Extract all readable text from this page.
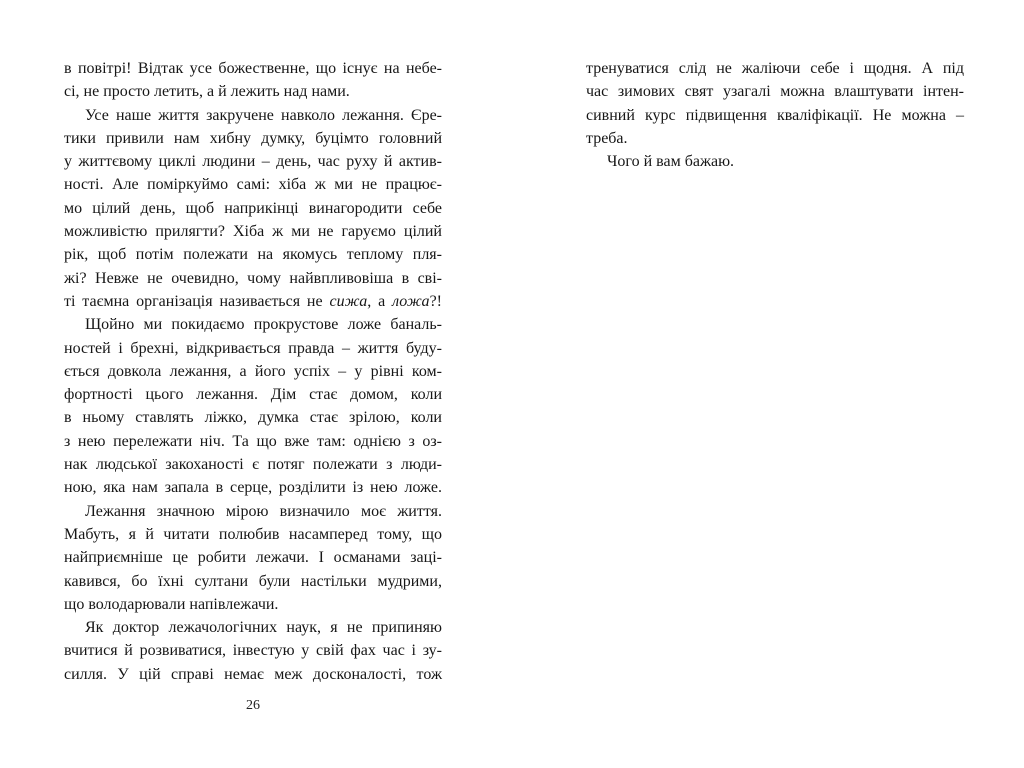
в повітрі! Відтак усе божественне, що існує на небе-
сі, не просто летить, а й лежить над нами.
Усе наше життя закручене навколо лежання. Єре-
тики привили нам хибну думку, буцімто головний
у життєвому циклі людини – день, час руху й актив-
ності. Але поміркуймо самі: хіба ж ми не працює-
мо цілий день, щоб наприкінці винагородити себе
можливістю прилягти? Хіба ж ми не гаруємо цілий
рік, щоб потім полежати на якомусь теплому пля-
жі? Невже не очевидно, чому найвпливовіша в сві-
ті таємна організація називається не сижа, а ложа?!
Щойно ми покидаємо прокрустове ложе баналь-
ностей і брехні, відкривається правда – життя буду-
ється довкола лежання, а його успіх – у рівні ком-
фортності цього лежання. Дім стає домом, коли
в ньому ставлять ліжко, думка стає зрілою, коли
з нею перележати ніч. Та що вже там: однією з оз-
нак людської закоханості є потяг полежати з люди-
ною, яка нам запала в серце, розділити із нею ложе.
Лежання значною мірою визначило моє життя.
Мабуть, я й читати полюбив насамперед тому, що
найприємніше це робити лежачи. І османами заці-
кавився, бо їхні султани були настільки мудрими,
що володарювали напівлежачи.
Як доктор лежачологічних наук, я не припиняю
вчитися й розвиватися, інвестую у свій фах час і зу-
силля. У цій справі немає меж досконалості, тож
26
тренуватися слід не жаліючи себе і щодня. А під
час зимових свят узагалі можна влаштувати інтен-
сивний курс підвищення кваліфікації. Не можна –
треба.
Чого й вам бажаю.
